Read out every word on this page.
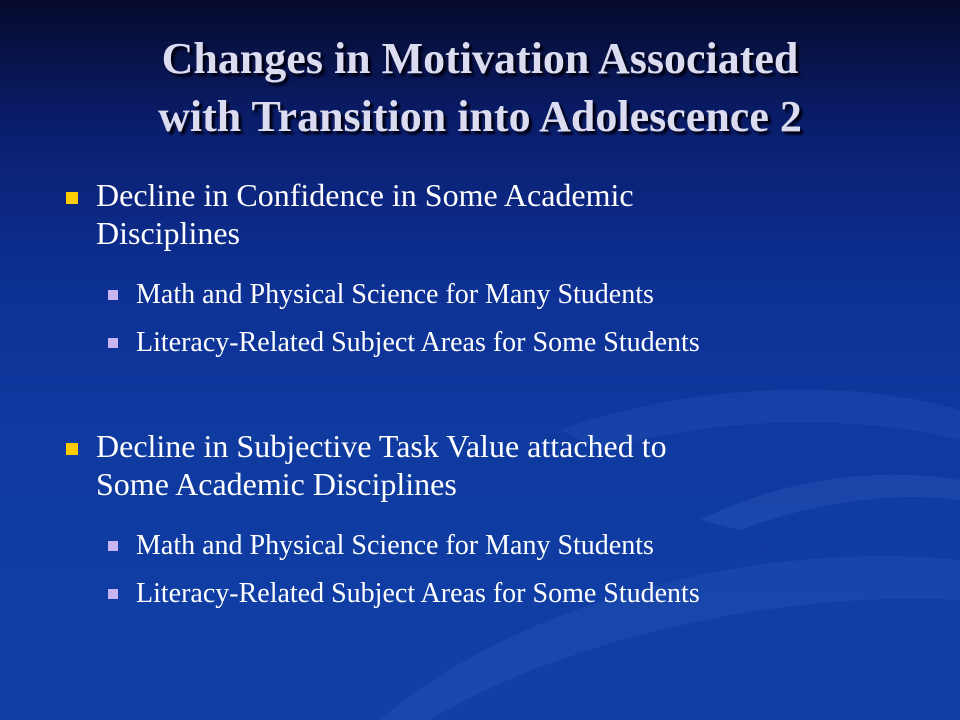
Changes in Motivation Associated
with Transition into Adolescence 2
Decline in Confidence in Some Academic
Disciplines
Math and Physical Science for Many Students
Literacy-Related Subject Areas for Some Students
Decline in Subjective Task Value attached to
Some Academic Disciplines
Math and Physical Science for Many Students
Literacy-Related Subject Areas for Some Students
